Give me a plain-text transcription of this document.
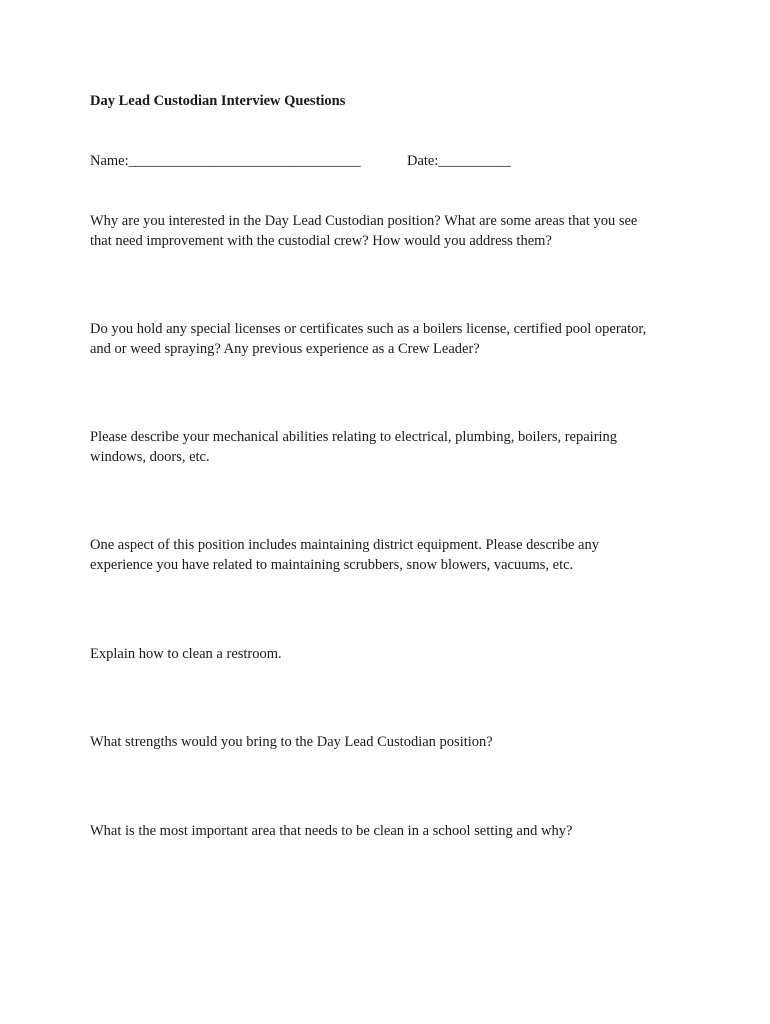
Day Lead Custodian Interview Questions
Name:________________________________	Date:__________
Why are you interested in the Day Lead Custodian position? What are some areas that you see
that need improvement with the custodial crew? How would you address them?
Do you hold any special licenses or certificates such as a boilers license, certified pool operator,
and or weed spraying? Any previous experience as a Crew Leader?
Please describe your mechanical abilities relating to electrical, plumbing, boilers, repairing
windows, doors, etc.
One aspect of this position includes maintaining district equipment. Please describe any
experience you have related to maintaining scrubbers, snow blowers, vacuums, etc.
Explain how to clean a restroom.
What strengths would you bring to the Day Lead Custodian position?
What is the most important area that needs to be clean in a school setting and why?
